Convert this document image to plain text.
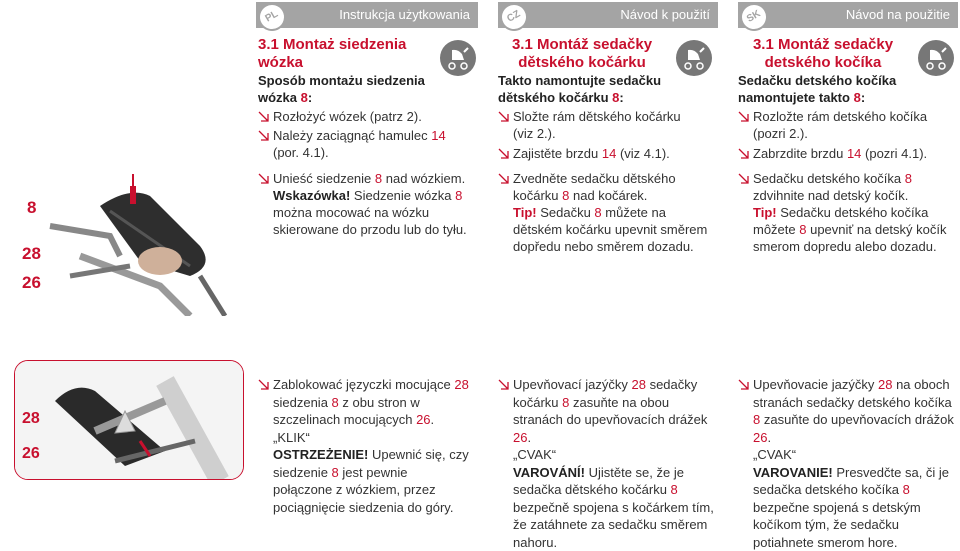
8
28
26
28
26
Instrukcja użytkowania
PL
3.1 Montaż siedzenia wózka
Sposób montażu siedzenia wózka 8:
Rozłożyć wózek (patrz 2).
Należy zaciągnąć hamulec 14
(por. 4.1).
Unieść siedzenie 8 nad wózkiem.
Wskazówka! Siedzenie wózka 8
można mocować na wózku skierowane do przodu lub do tyłu.
Zablokować języczki mocujące 28
siedzenia 8 z obu stron w szczelinach mocujących 26.
„KLIK“
OSTRZEŻENIE! Upewnić się, czy siedzenie 8 jest pewnie połączone z wózkiem, przez pociągnięcie siedzenia do góry.
Návod k použití
CZ
3.1 Montáž sedačky
dětského kočárku
Takto namontujte sedačku
dětského kočárku 8:
Složte rám dětského kočárku
(viz 2.).
Zajistěte brzdu 14 (viz 4.1).
Zvedněte sedačku dětského
kočárku 8 nad kočárek.
Tip! Sedačku 8 můžete na dětském kočárku upevnit směrem dopředu nebo směrem dozadu.
Upevňovací jazýčky 28 sedačky kočárku 8 zasuňte na obou stranách do upevňovacích drážek 26.
„CVAK“
VAROVÁNÍ! Ujistěte se, že je sedačka dětského kočárku 8 bezpečně spojena s kočárkem tím, že zatáhnete za sedačku směrem nahoru.
Návod na použitie
SK
3.1 Montáž sedačky
detského kočíka
Sedačku detského kočíka
namontujete takto 8:
Rozložte rám detského kočíka
(pozri 2.).
Zabrzdite brzdu 14 (pozri 4.1).
Sedačku detského kočíka 8
zdvihnite nad detský kočík.
Tip! Sedačku detského kočíka
môžete 8 upevniť na detský kočík smerom dopredu alebo dozadu.
Upevňovacie jazýčky 28 na oboch stranách sedačky detského kočíka 8 zasuňte do upevňovacích drážok 26.
„CVAK“
VAROVANIE! Presvedčte sa, či je sedačka detského kočíka 8 bezpečne spojená s detským kočíkom tým, že sedačku potiahnete smerom hore.
